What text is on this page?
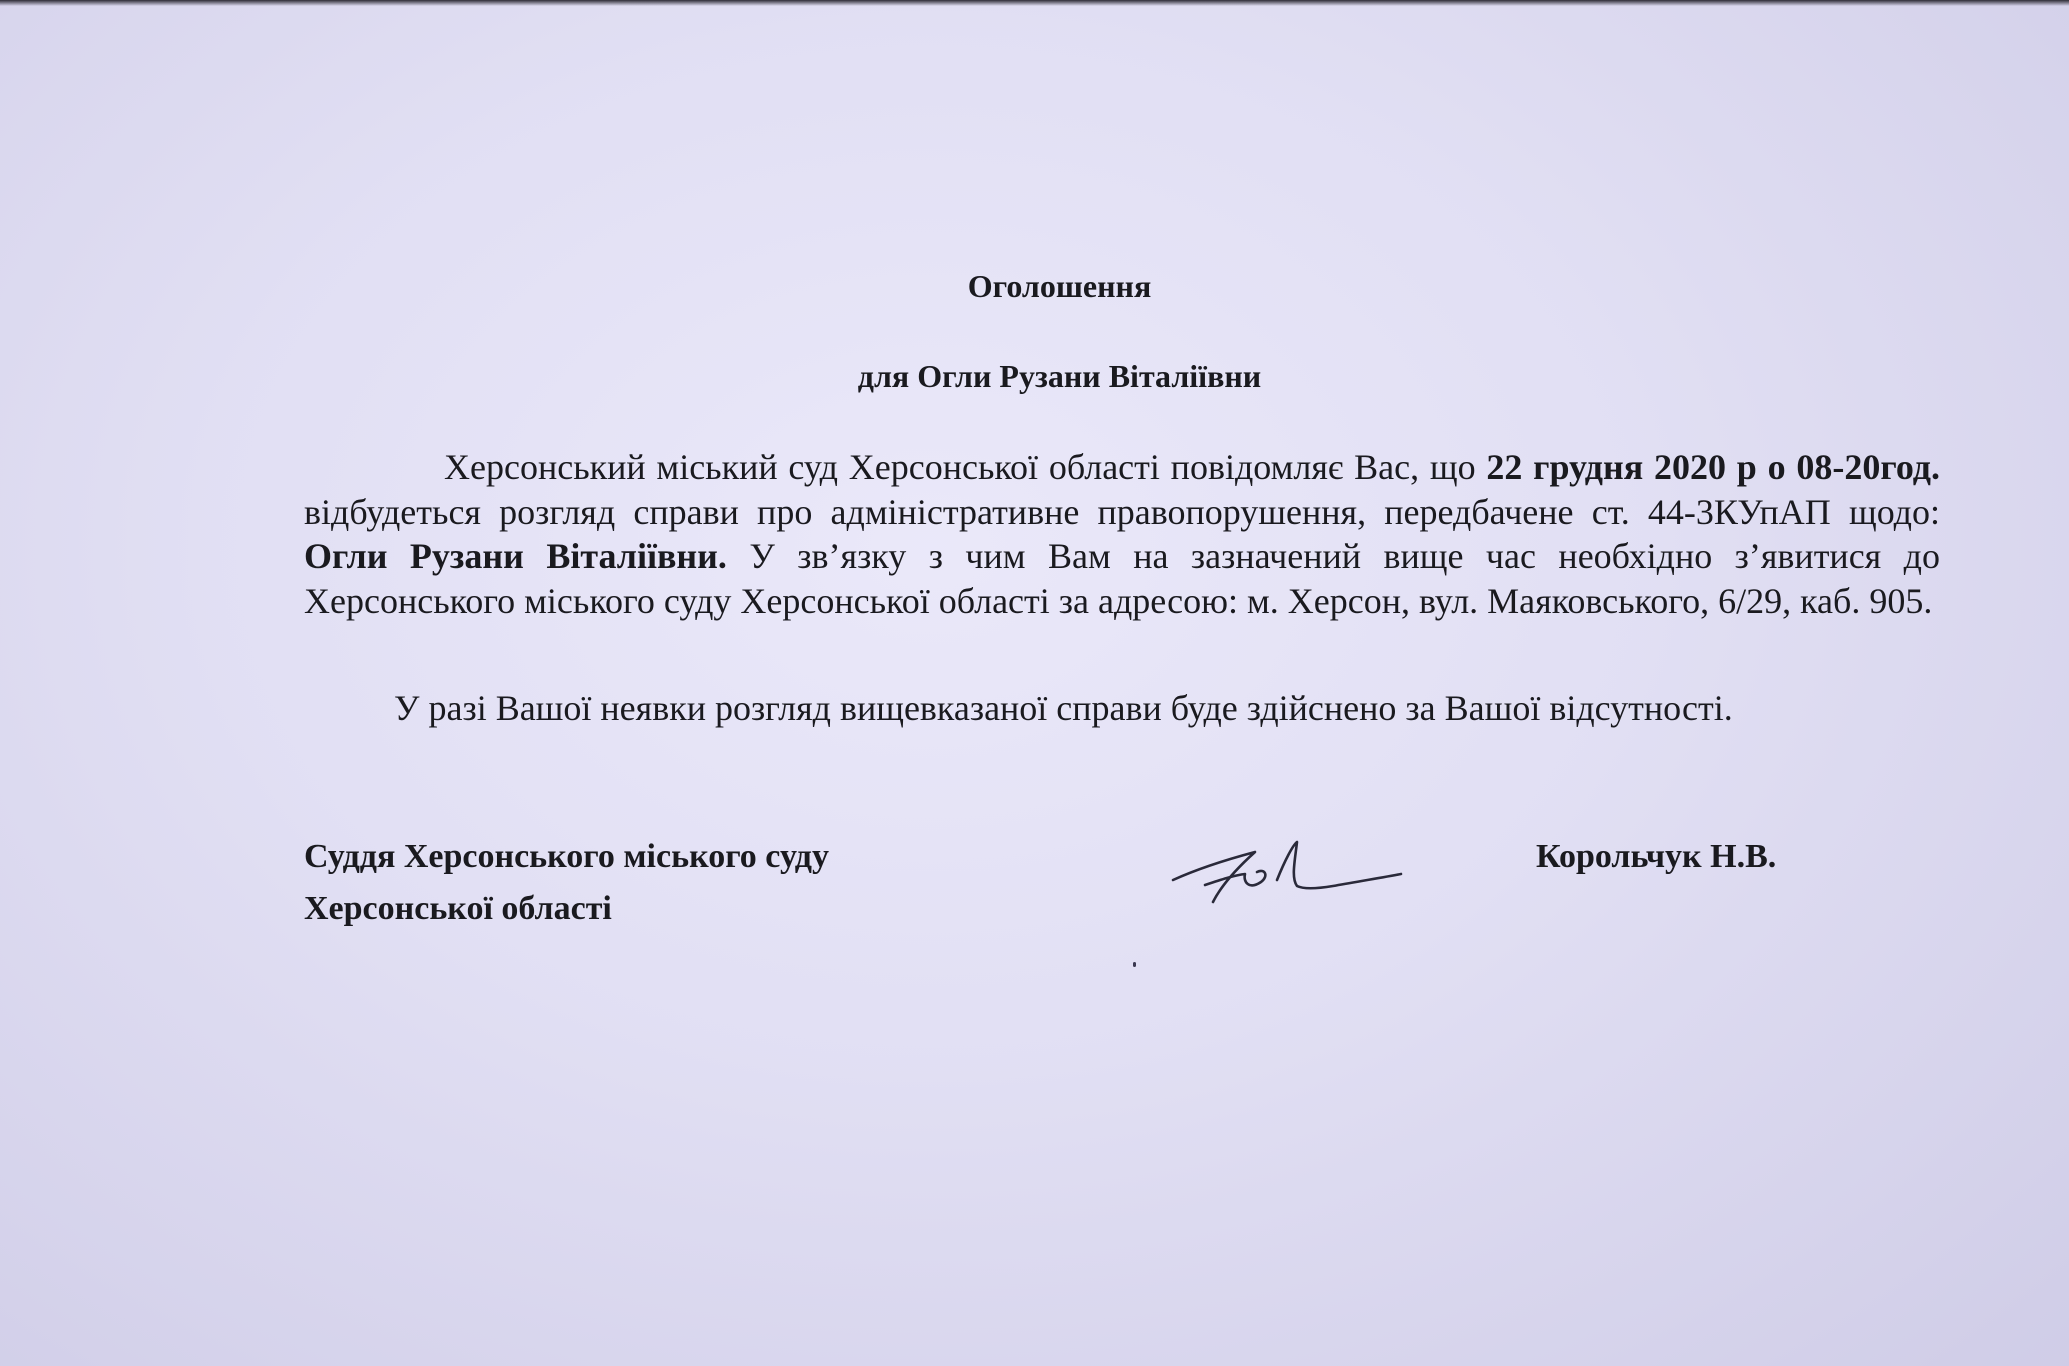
Оголошення
для Огли Рузани Віталіївни

Херсонський міський суд Херсонської області повідомляє Вас, що 22 грудня 2020 р о 08-20год. відбудеться розгляд справи про адміністративне правопорушення, передбачене ст. 44-3КУпАП щодо: Огли Рузани Віталіївни. У зв’язку з чим Вам на зазначений вище час необхідно з’явитися до Херсонського міського суду Херсонської області за адресою: м. Херсон, вул. Маяковського, 6/29, каб. 905.

У разі Вашої неявки розгляд вищевказаної справи буде здійснено за Вашої відсутності.

Суддя Херсонського міського суду
Херсонської області
Корольчук Н.В.
